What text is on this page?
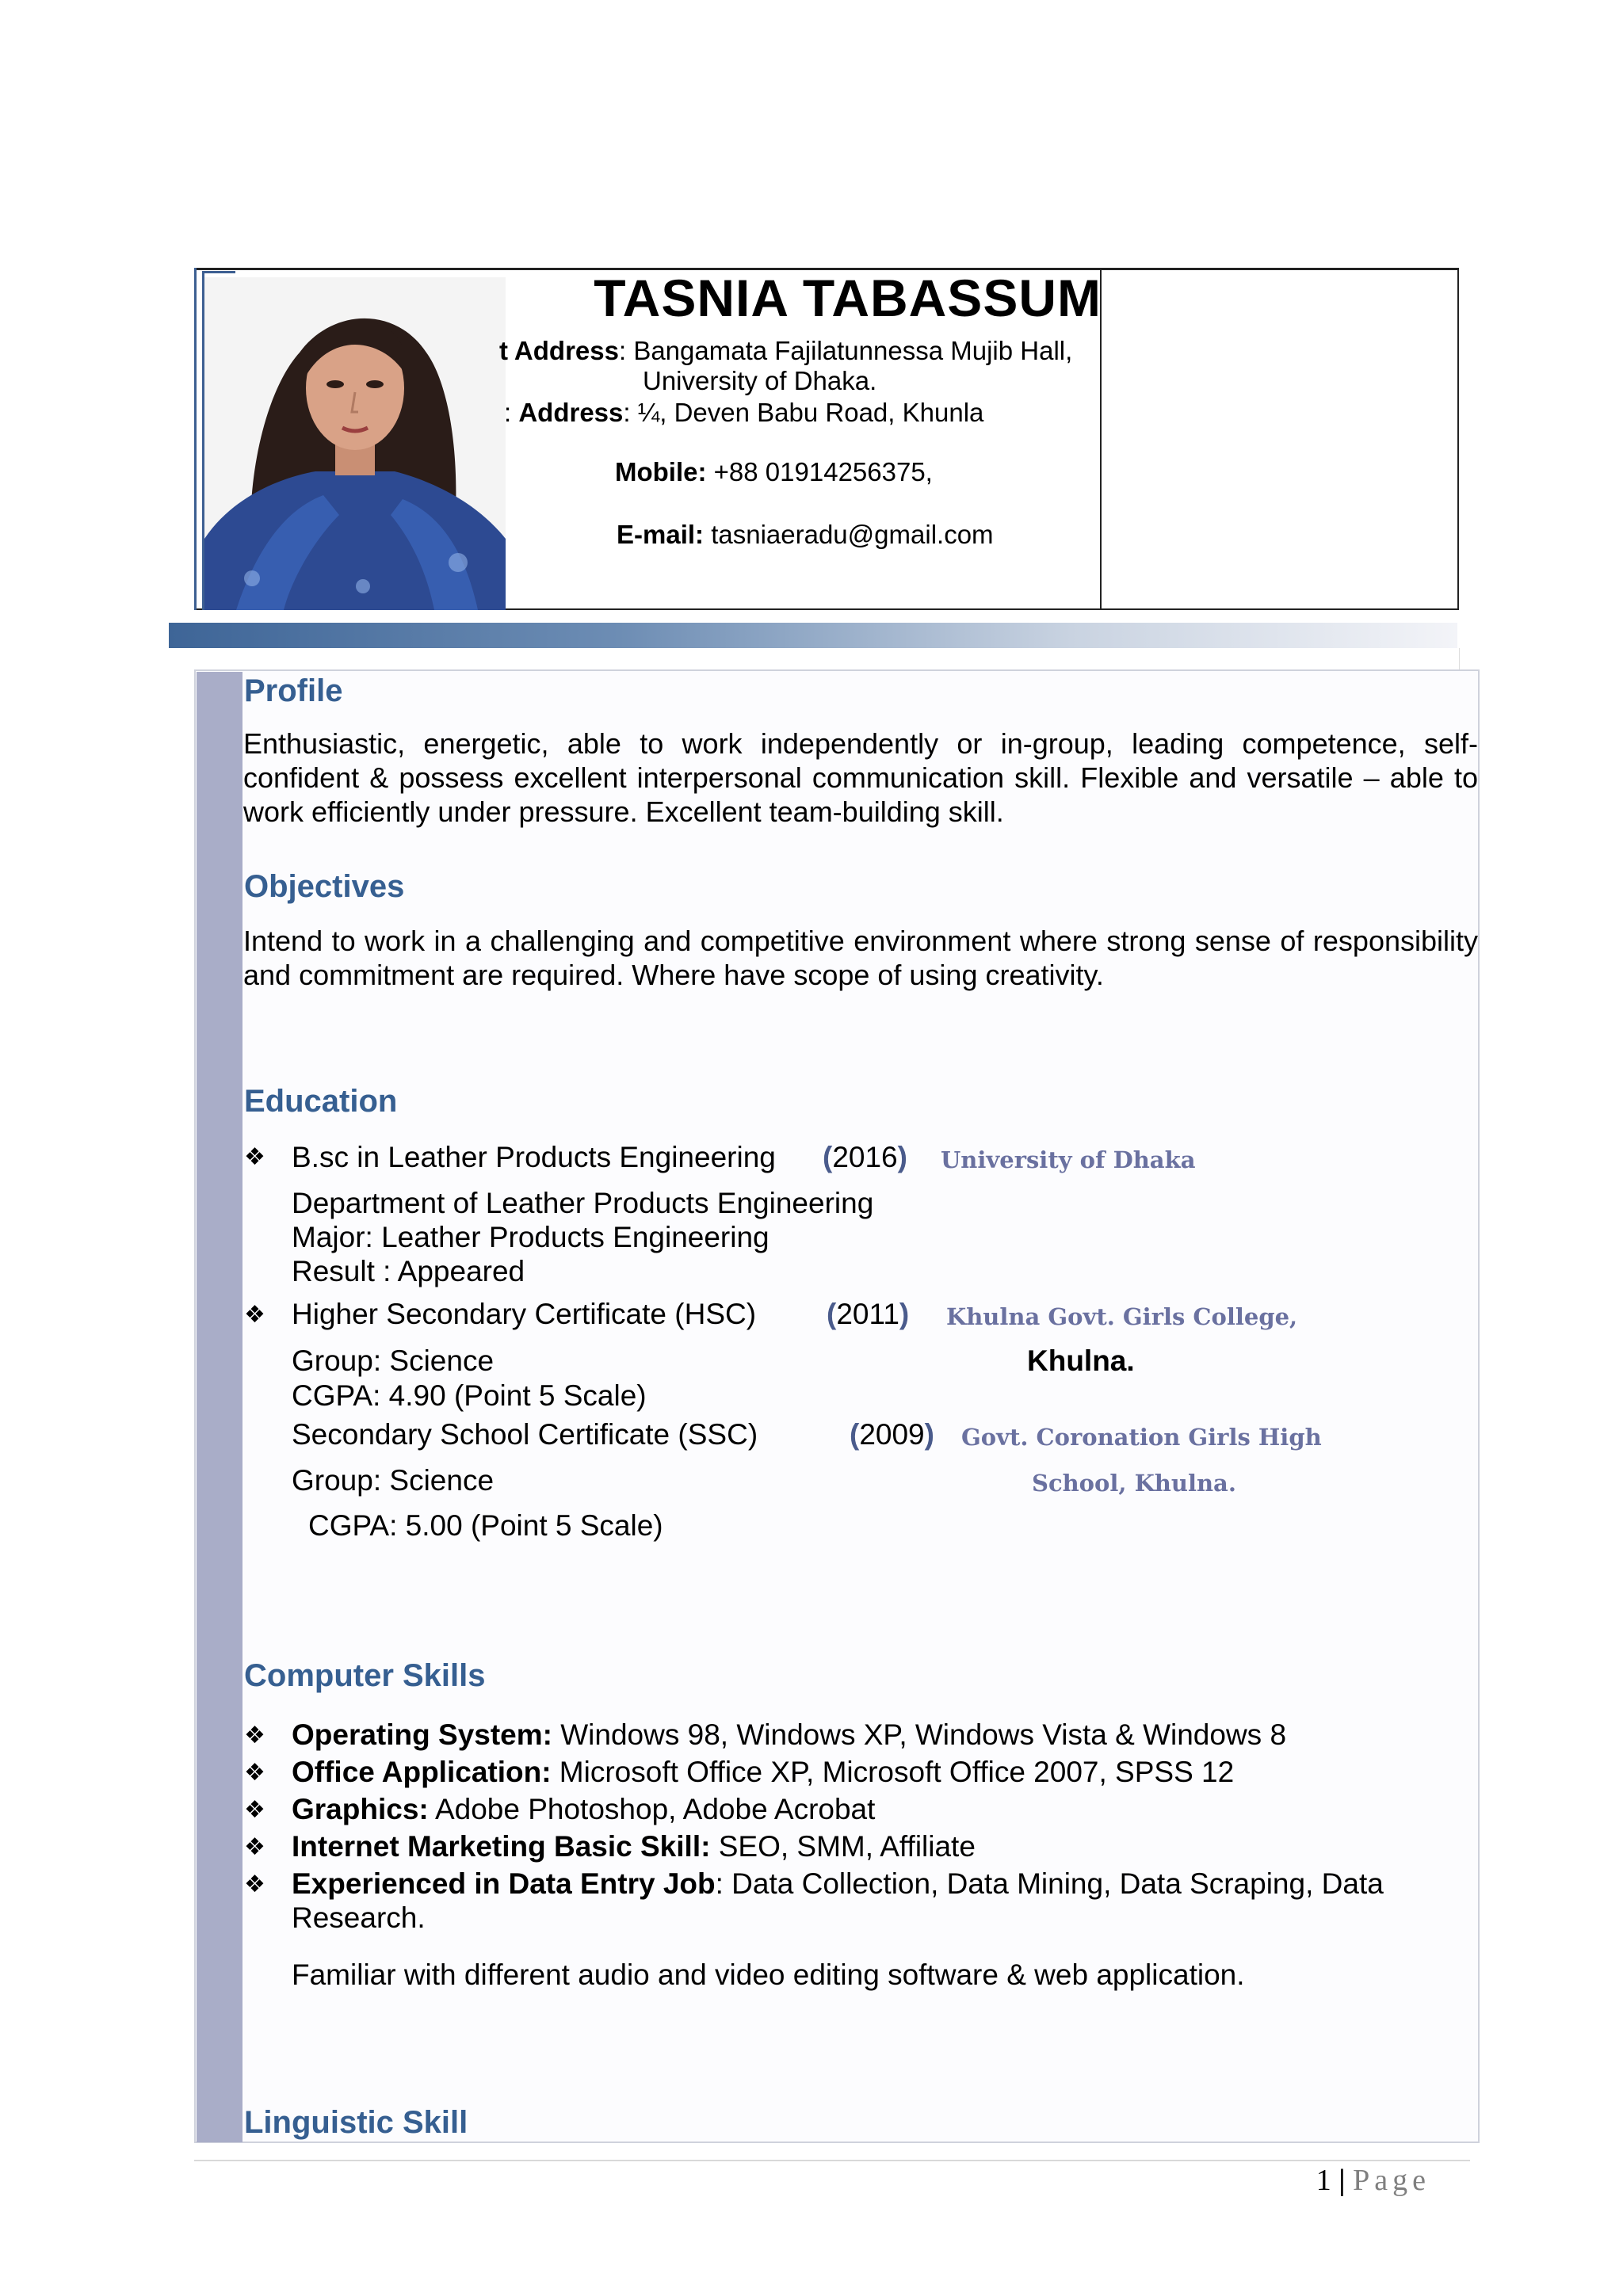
TASNIA TABASSUM
t Address: Bangamata Fajilatunnessa Mujib Hall,
University of Dhaka.
: Address: ¼, Deven Babu Road, Khunla
Mobile: +88 01914256375,
E-mail: tasniaeradu@gmail.com
Profile
Enthusiastic, energetic, able to work independently or in-group, leading competence, self-confident & possess excellent interpersonal communication skill. Flexible and versatile – able to work efficiently under pressure. Excellent team-building skill.
Objectives
Intend to work in a challenging and competitive environment where strong sense of responsibility and commitment are required. Where have scope of using creativity.
Education
❖ B.sc in Leather Products Engineering (2016) University of Dhaka
Department of Leather Products Engineering
Major: Leather Products Engineering
Result : Appeared
❖ Higher Secondary Certificate (HSC) (2011) Khulna Govt. Girls College,
Group: Science	Khulna.
CGPA: 4.90 (Point 5 Scale)
Secondary School Certificate (SSC)	(2009) Govt. Coronation Girls High
Group: Science	School, Khulna.
CGPA: 5.00 (Point 5 Scale)
Computer Skills
❖ Operating System: Windows 98, Windows XP, Windows Vista & Windows 8
❖ Office Application: Microsoft Office XP, Microsoft Office 2007, SPSS 12
❖ Graphics: Adobe Photoshop, Adobe Acrobat
❖ Internet Marketing Basic Skill: SEO, SMM, Affiliate
❖ Experienced in Data Entry Job: Data Collection, Data Mining, Data Scraping, Data
Research.
Familiar with different audio and video editing software & web application.
Linguistic Skill
1 | Page
